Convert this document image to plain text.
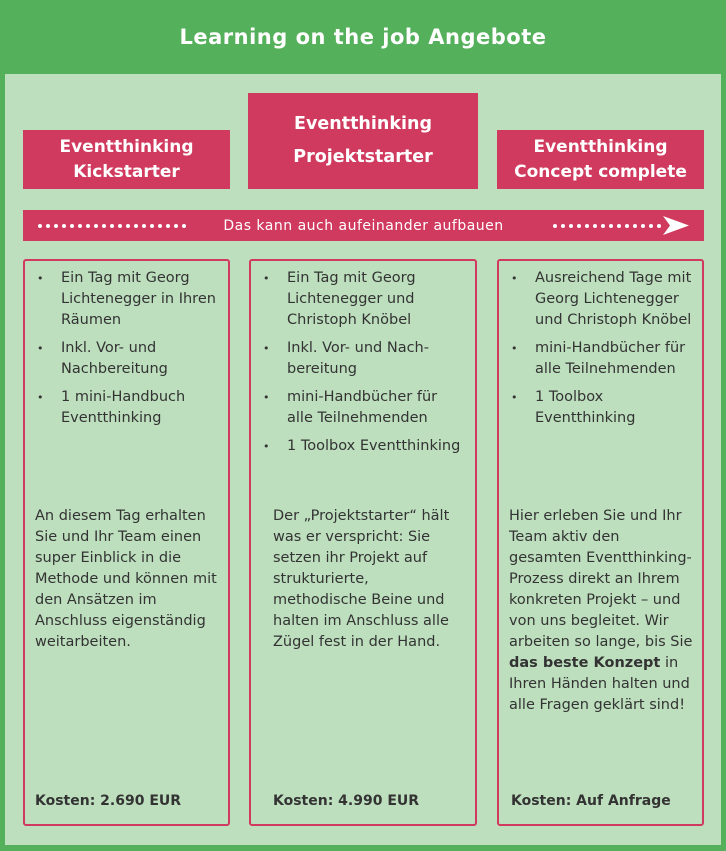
Learning on the job Angebote
Eventthinking
Kickstarter
Eventthinking
Projektstarter
Eventthinking
Concept complete
Das kann auch aufeinander aufbauen
• Ein Tag mit Georg Lichtenegger in Ihren Räumen
• Inkl. Vor- und Nachbereitung
• 1 mini-Handbuch Eventthinking
An diesem Tag erhalten Sie und Ihr Team einen super Einblick in die Methode und können mit den Ansätzen im Anschluss eigenständig weitarbeiten.
Kosten: 2.690 EUR
• Ein Tag mit Georg Lichtenegger und Christoph Knöbel
• Inkl. Vor- und Nachbereitung
• mini-Handbücher für alle Teilnehmenden
• 1 Toolbox Eventthinking
Der „Projektstarter“ hält was er verspricht: Sie setzen ihr Projekt auf strukturierte, methodische Beine und halten im Anschluss alle Zügel fest in der Hand.
Kosten: 4.990 EUR
• Ausreichend Tage mit Georg Lichtenegger und Christoph Knöbel
• mini-Handbücher für alle Teilnehmenden
• 1 Toolbox Eventthinking
Hier erleben Sie und Ihr Team aktiv den gesamten Eventthinking-Prozess direkt an Ihrem konkreten Projekt – und von uns begleitet. Wir arbeiten so lange, bis Sie das beste Konzept in Ihren Händen halten und alle Fragen geklärt sind!
Kosten: Auf Anfrage
